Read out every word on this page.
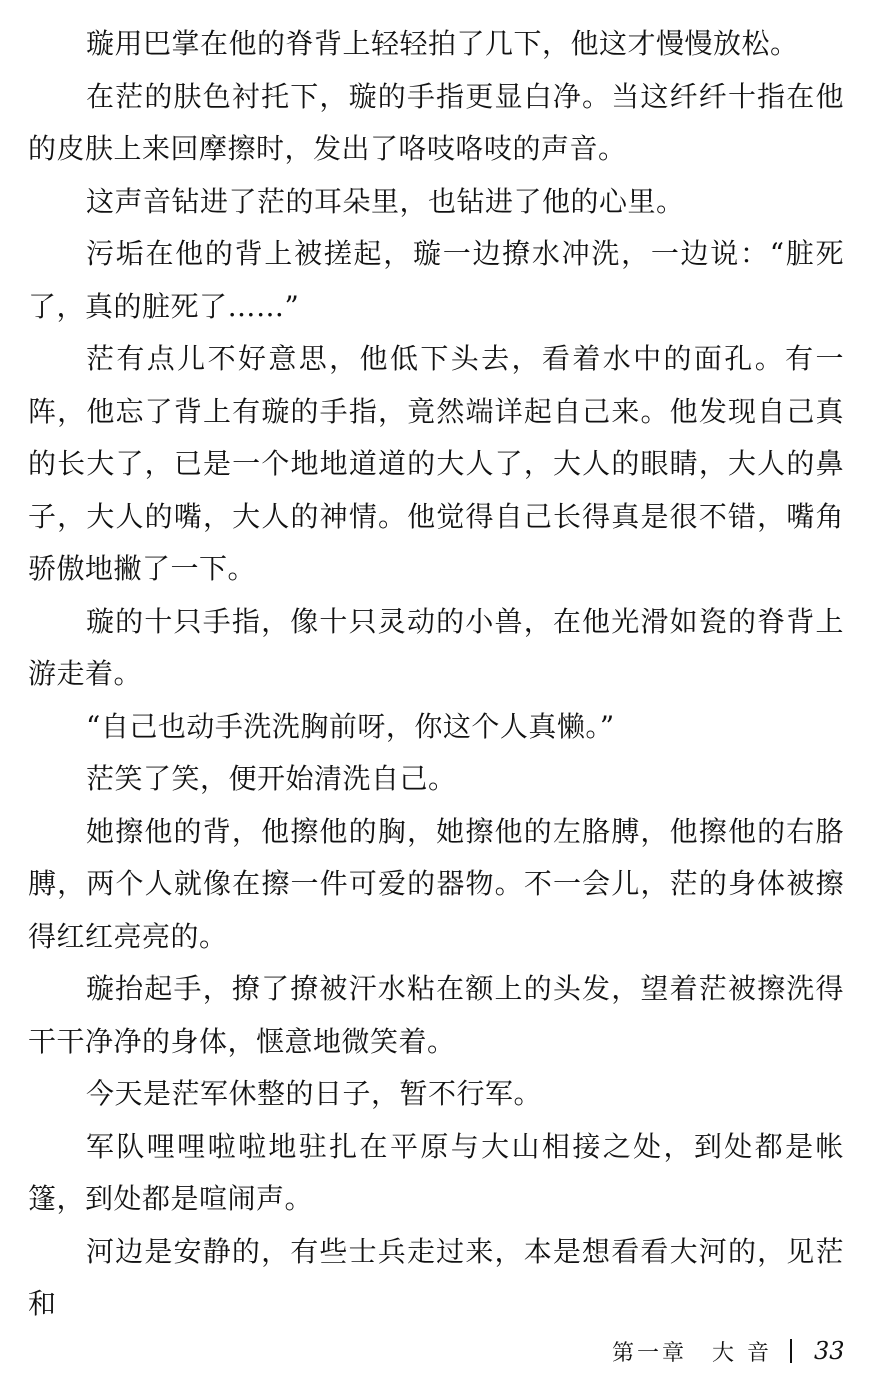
璇用巴掌在他的脊背上轻轻拍了几下，他这才慢慢放松。

在茫的肤色衬托下，璇的手指更显白净。当这纤纤十指在他的皮肤上来回摩擦时，发出了咯吱咯吱的声音。

这声音钻进了茫的耳朵里，也钻进了他的心里。

污垢在他的背上被搓起，璇一边撩水冲洗，一边说：“脏死了，真的脏死了……”

茫有点儿不好意思，他低下头去，看着水中的面孔。有一阵，他忘了背上有璇的手指，竟然端详起自己来。他发现自己真的长大了，已是一个地地道道的大人了，大人的眼睛，大人的鼻子，大人的嘴，大人的神情。他觉得自己长得真是很不错，嘴角骄傲地撇了一下。

璇的十只手指，像十只灵动的小兽，在他光滑如瓷的脊背上游走着。

“自己也动手洗洗胸前呀，你这个人真懒。”

茫笑了笑，便开始清洗自己。

她擦他的背，他擦他的胸，她擦他的左胳膊，他擦他的右胳膊，两个人就像在擦一件可爱的器物。不一会儿，茫的身体被擦得红红亮亮的。

璇抬起手，撩了撩被汗水粘在额上的头发，望着茫被擦洗得干干净净的身体，惬意地微笑着。

今天是茫军休整的日子，暂不行军。

军队哩哩啦啦地驻扎在平原与大山相接之处，到处都是帐篷，到处都是喧闹声。

河边是安静的，有些士兵走过来，本是想看看大河的，见茫和

第一章　大 音 33
